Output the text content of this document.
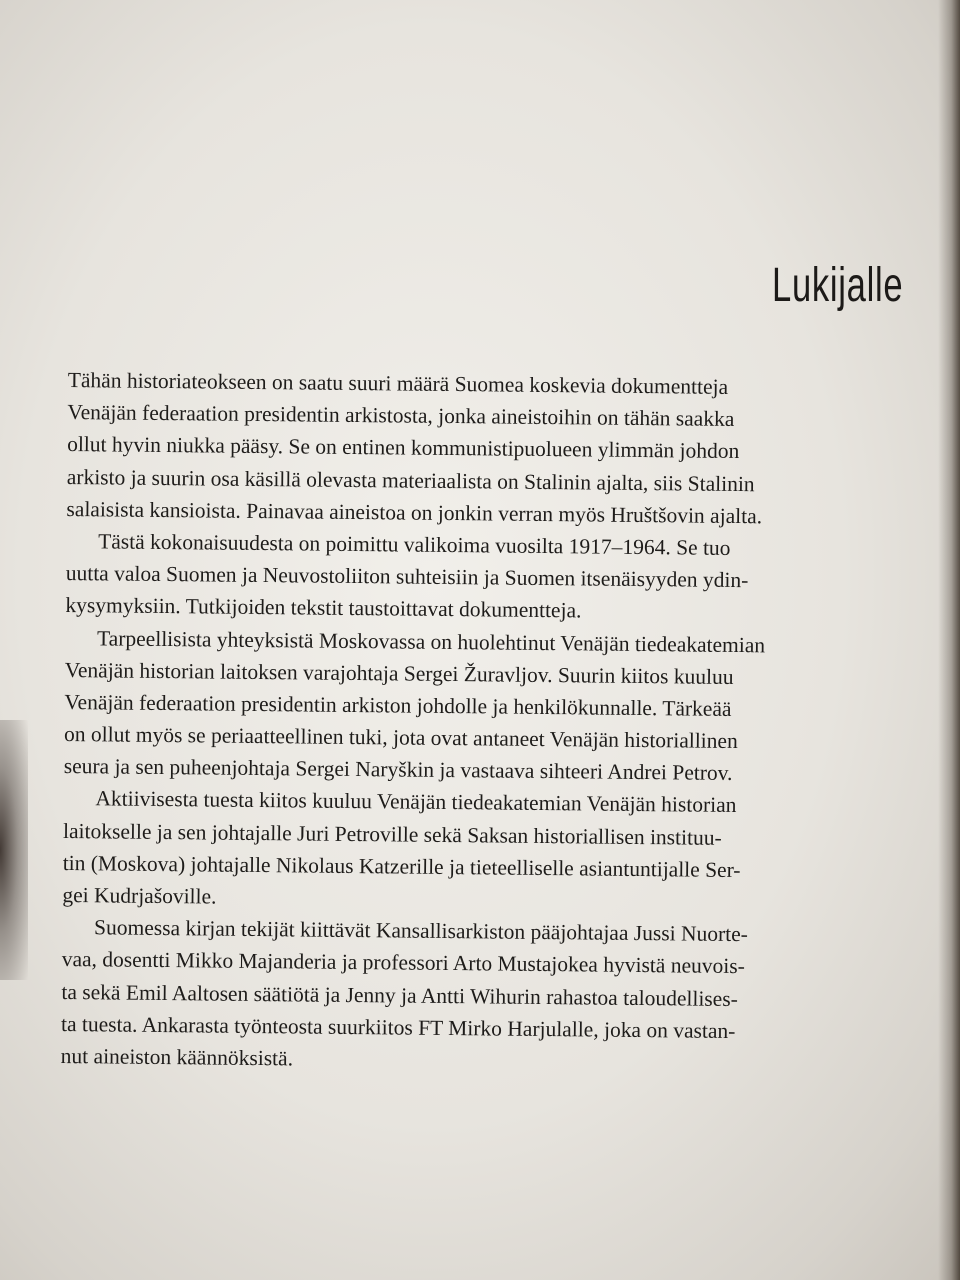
Lukijalle

Tähän historiateokseen on saatu suuri määrä Suomea koskevia dokumentteja
Venäjän federaation presidentin arkistosta, jonka aineistoihin on tähän saakka
ollut hyvin niukka pääsy. Se on entinen kommunistipuolueen ylimmän johdon
arkisto ja suurin osa käsillä olevasta materiaalista on Stalinin ajalta, siis Stalinin
salaisista kansioista. Painavaa aineistoa on jonkin verran myös Hruštšovin ajalta.

Tästä kokonaisuudesta on poimittu valikoima vuosilta 1917–1964. Se tuo
uutta valoa Suomen ja Neuvostoliiton suhteisiin ja Suomen itsenäisyyden ydin-
kysymyksiin. Tutkijoiden tekstit taustoittavat dokumentteja.

Tarpeellisista yhteyksistä Moskovassa on huolehtinut Venäjän tiedeakatemian
Venäjän historian laitoksen varajohtaja Sergei Žuravljov. Suurin kiitos kuuluu
Venäjän federaation presidentin arkiston johdolle ja henkilökunnalle. Tärkeää
on ollut myös se periaatteellinen tuki, jota ovat antaneet Venäjän historiallinen
seura ja sen puheenjohtaja Sergei Naryškin ja vastaava sihteeri Andrei Petrov.

Aktiivisesta tuesta kiitos kuuluu Venäjän tiedeakatemian Venäjän historian
laitokselle ja sen johtajalle Juri Petroville sekä Saksan historiallisen instituu-
tin (Moskova) johtajalle Nikolaus Katzerille ja tieteelliselle asiantuntijalle Ser-
gei Kudrjašoville.

Suomessa kirjan tekijät kiittävät Kansallisarkiston pääjohtajaa Jussi Nuorte-
vaa, dosentti Mikko Majanderia ja professori Arto Mustajokea hyvistä neuvois-
ta sekä Emil Aaltosen säätiötä ja Jenny ja Antti Wihurin rahastoa taloudellises-
ta tuesta. Ankarasta työnteosta suurkiitos FT Mirko Harjulalle, joka on vastan-
nut aineiston käännöksistä.
